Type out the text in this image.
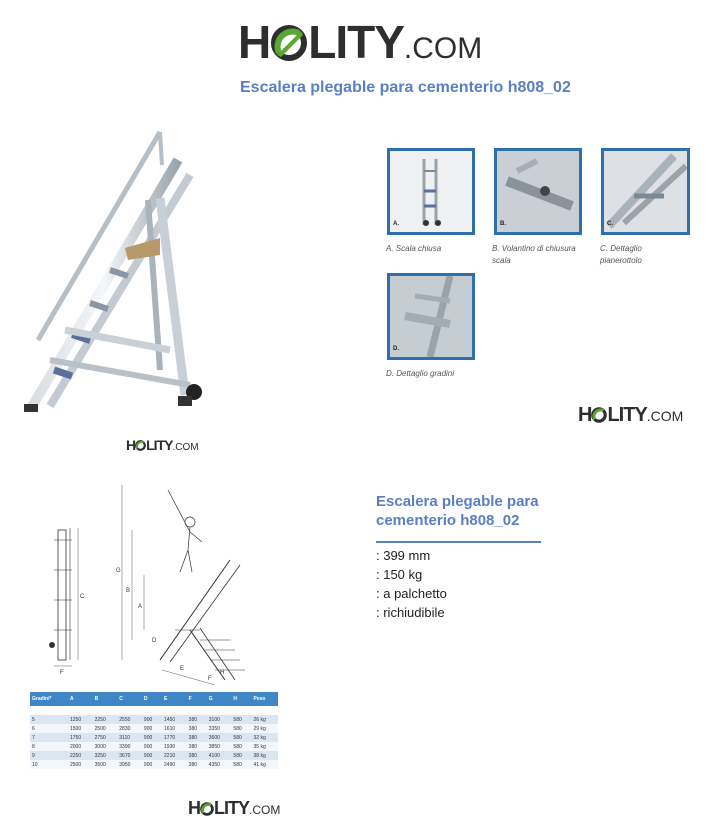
H LITY.COM
Escalera plegable para cementerio h808_02
H LITY.COM
A.	B.	C.
D.
A. Scala chiusa	B. Volantino di chiusura scala
C. Dettaglio pianerottolo
D. Dettaglio gradini
H LITY.COM
C
F
G
B
A
D
E
F
H
Gradini*	A	B	C	D	E	F	G	H	Peso

5	1250	2250	2550	900	1450	380	3100	580	26 kg
6	1500	2500	2830	900	1610	380	3350	580	29 kg
7	1750	2750	3110	900	1770	380	3600	580	32 kg
8	2000	3000	3390	900	1930	380	3850	580	35 kg
9	2250	3250	3670	900	2210	380	4100	580	38 kg
10	2500	3500	3950	900	2490	380	4350	580	41 kg
H LITY.COM
Escalera plegable para cementerio h808_02
: 399 mm
: 150 kg
: a palchetto
: richiudibile
